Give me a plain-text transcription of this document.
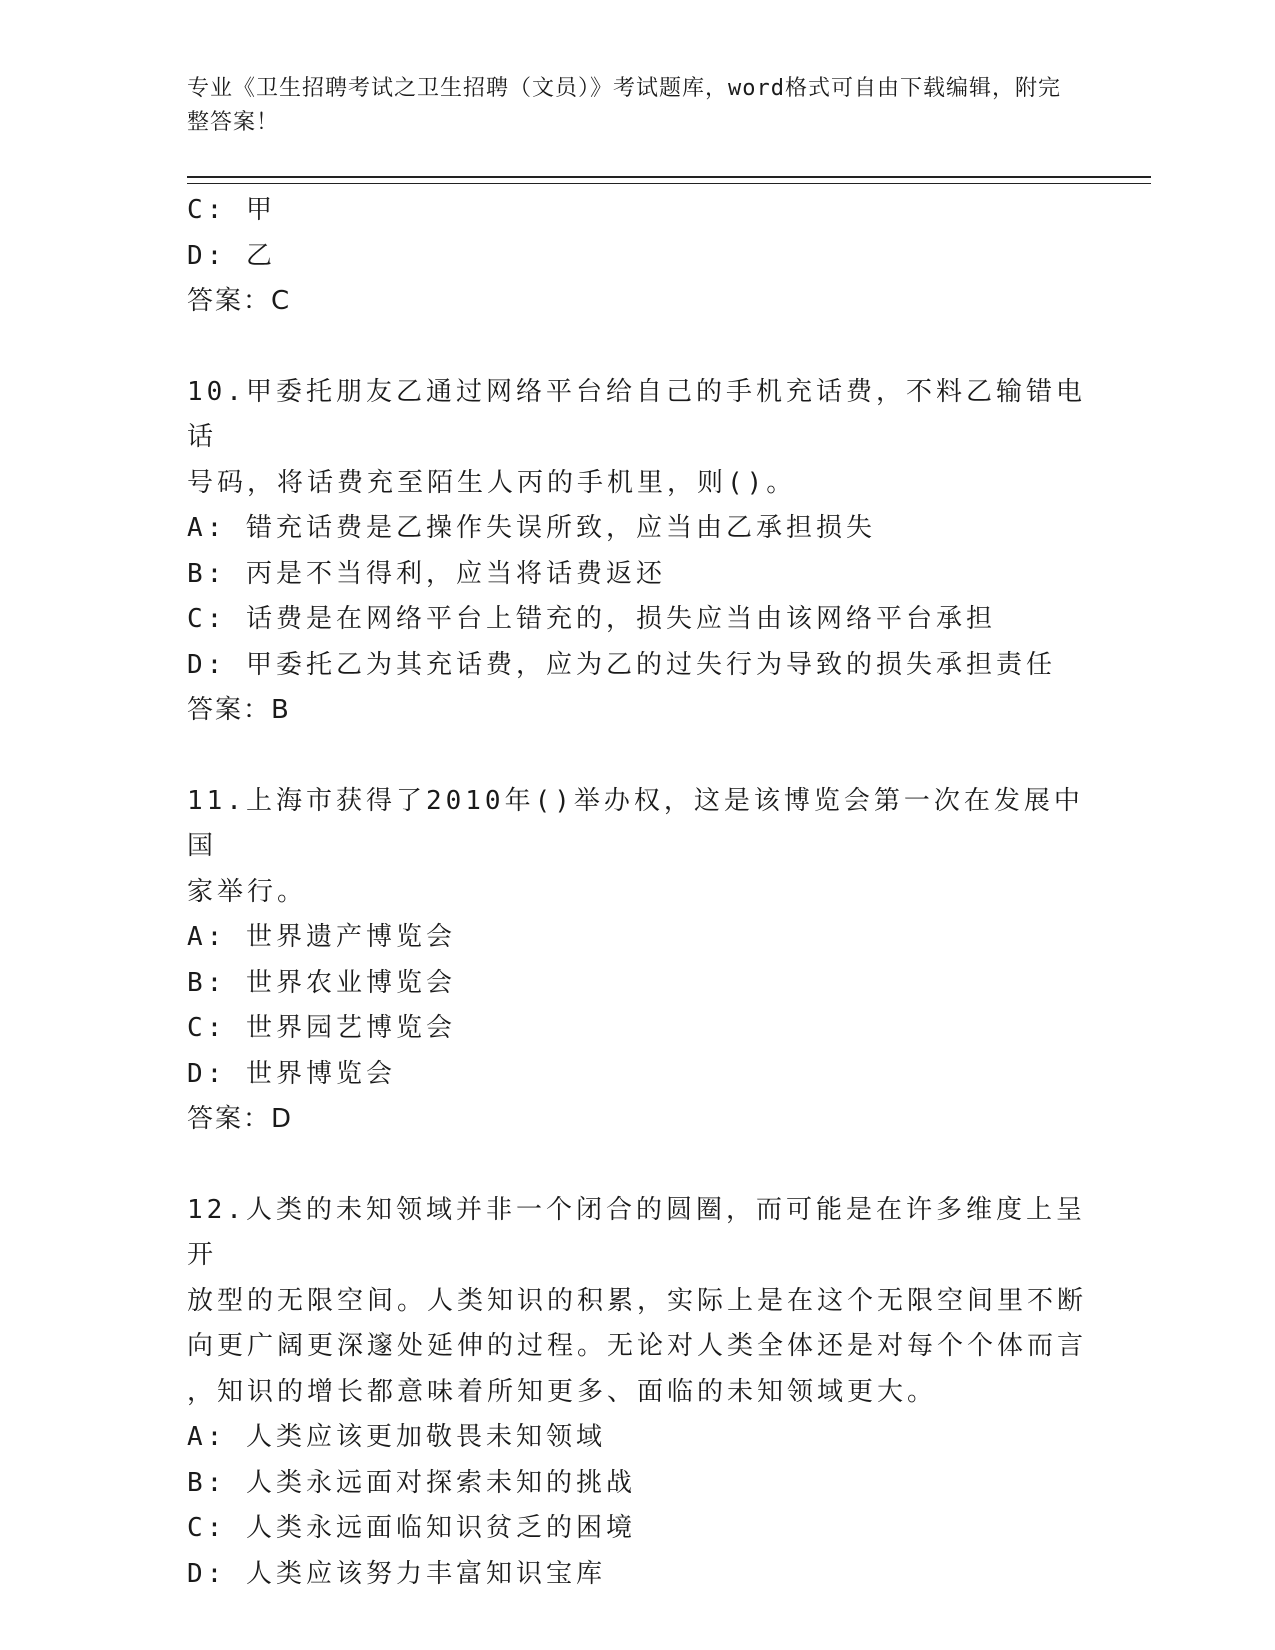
专业《卫生招聘考试之卫生招聘（文员）》考试题库，word格式可自由下载编辑，附完整答案！
C: 甲
D: 乙
答案：C
10.甲委托朋友乙通过网络平台给自己的手机充话费，不料乙输错电话
号码，将话费充至陌生人丙的手机里，则()。
A: 错充话费是乙操作失误所致，应当由乙承担损失
B: 丙是不当得利，应当将话费返还
C: 话费是在网络平台上错充的，损失应当由该网络平台承担
D: 甲委托乙为其充话费，应为乙的过失行为导致的损失承担责任
答案：B
11.上海市获得了2010年()举办权，这是该博览会第一次在发展中国
家举行。
A: 世界遗产博览会
B: 世界农业博览会
C: 世界园艺博览会
D: 世界博览会
答案：D
12.人类的未知领域并非一个闭合的圆圈，而可能是在许多维度上呈开
放型的无限空间。人类知识的积累，实际上是在这个无限空间里不断
向更广阔更深邃处延伸的过程。无论对人类全体还是对每个个体而言
，知识的增长都意味着所知更多、面临的未知领域更大。
A: 人类应该更加敬畏未知领域
B: 人类永远面对探索未知的挑战
C: 人类永远面临知识贫乏的困境
D: 人类应该努力丰富知识宝库
